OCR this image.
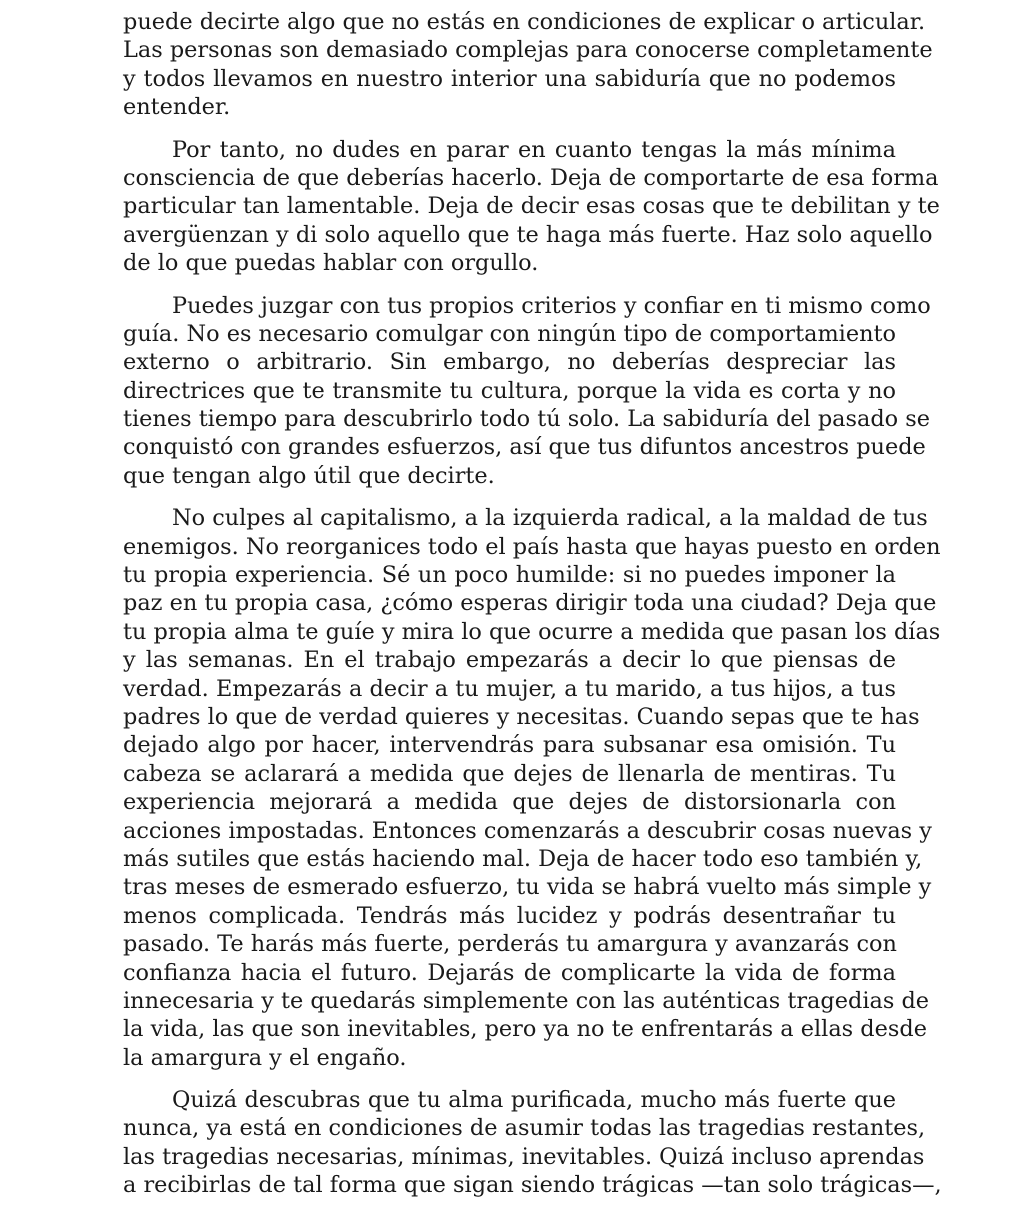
puede decirte algo que no estás en condiciones de explicar o articular.
Las personas son demasiado complejas para conocerse completamente
y todos llevamos en nuestro interior una sabiduría que no podemos
entender.
Por tanto, no dudes en parar en cuanto tengas la más mínima
consciencia de que deberías hacerlo. Deja de comportarte de esa forma
particular tan lamentable. Deja de decir esas cosas que te debilitan y te
avergüenzan y di solo aquello que te haga más fuerte. Haz solo aquello
de lo que puedas hablar con orgullo.
Puedes juzgar con tus propios criterios y confiar en ti mismo como
guía. No es necesario comulgar con ningún tipo de comportamiento
externo o arbitrario. Sin embargo, no deberías despreciar las
directrices que te transmite tu cultura, porque la vida es corta y no
tienes tiempo para descubrirlo todo tú solo. La sabiduría del pasado se
conquistó con grandes esfuerzos, así que tus difuntos ancestros puede
que tengan algo útil que decirte.
No culpes al capitalismo, a la izquierda radical, a la maldad de tus
enemigos. No reorganices todo el país hasta que hayas puesto en orden
tu propia experiencia. Sé un poco humilde: si no puedes imponer la
paz en tu propia casa, ¿cómo esperas dirigir toda una ciudad? Deja que
tu propia alma te guíe y mira lo que ocurre a medida que pasan los días
y las semanas. En el trabajo empezarás a decir lo que piensas de
verdad. Empezarás a decir a tu mujer, a tu marido, a tus hijos, a tus
padres lo que de verdad quieres y necesitas. Cuando sepas que te has
dejado algo por hacer, intervendrás para subsanar esa omisión. Tu
cabeza se aclarará a medida que dejes de llenarla de mentiras. Tu
experiencia mejorará a medida que dejes de distorsionarla con
acciones impostadas. Entonces comenzarás a descubrir cosas nuevas y
más sutiles que estás haciendo mal. Deja de hacer todo eso también y,
tras meses de esmerado esfuerzo, tu vida se habrá vuelto más simple y
menos complicada. Tendrás más lucidez y podrás desentrañar tu
pasado. Te harás más fuerte, perderás tu amargura y avanzarás con
confianza hacia el futuro. Dejarás de complicarte la vida de forma
innecesaria y te quedarás simplemente con las auténticas tragedias de
la vida, las que son inevitables, pero ya no te enfrentarás a ellas desde
la amargura y el engaño.
Quizá descubras que tu alma purificada, mucho más fuerte que
nunca, ya está en condiciones de asumir todas las tragedias restantes,
las tragedias necesarias, mínimas, inevitables. Quizá incluso aprendas
a recibirlas de tal forma que sigan siendo trágicas —tan solo trágicas—,
